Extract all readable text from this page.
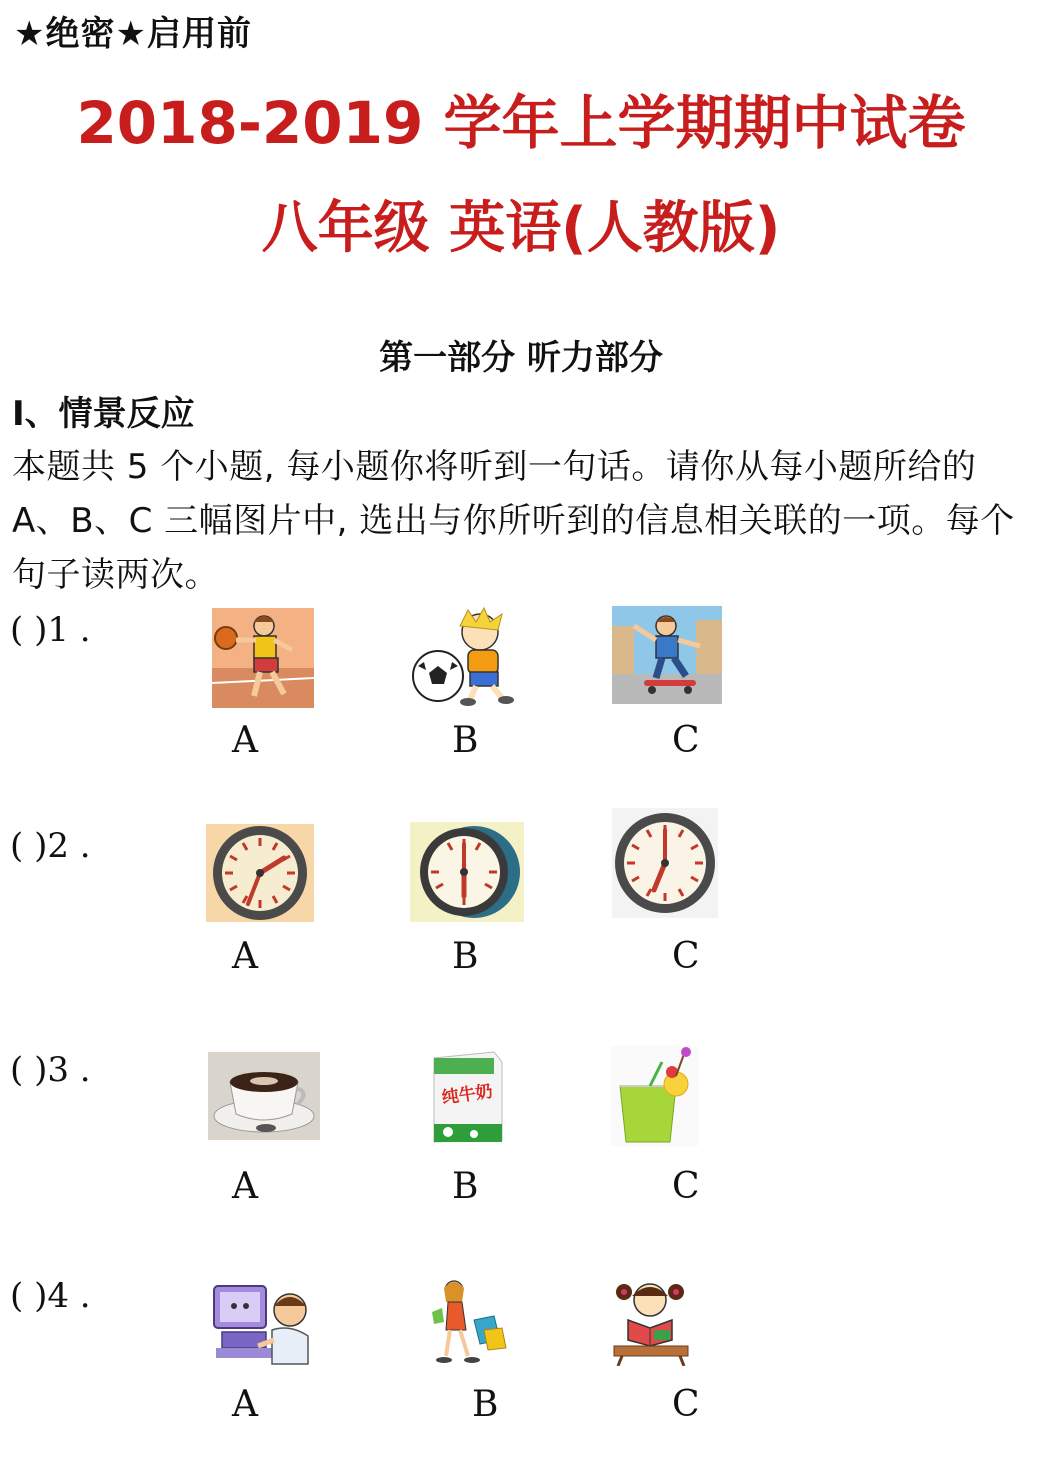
★绝密★启用前
2018-2019 学年上学期期中试卷
八年级 英语(人教版)
第一部分 听力部分
I、情景反应
本题共 5 个小题, 每小题你将听到一句话。请你从每小题所给的 A、B、C 三幅图片中, 选出与你所听到的信息相关联的一项。每个句子读两次。
( )1 .
A	B	C
( )2 .
A	B	C
( )3 .
纯牛奶
A	B	C
( )4 .
A	B	C
